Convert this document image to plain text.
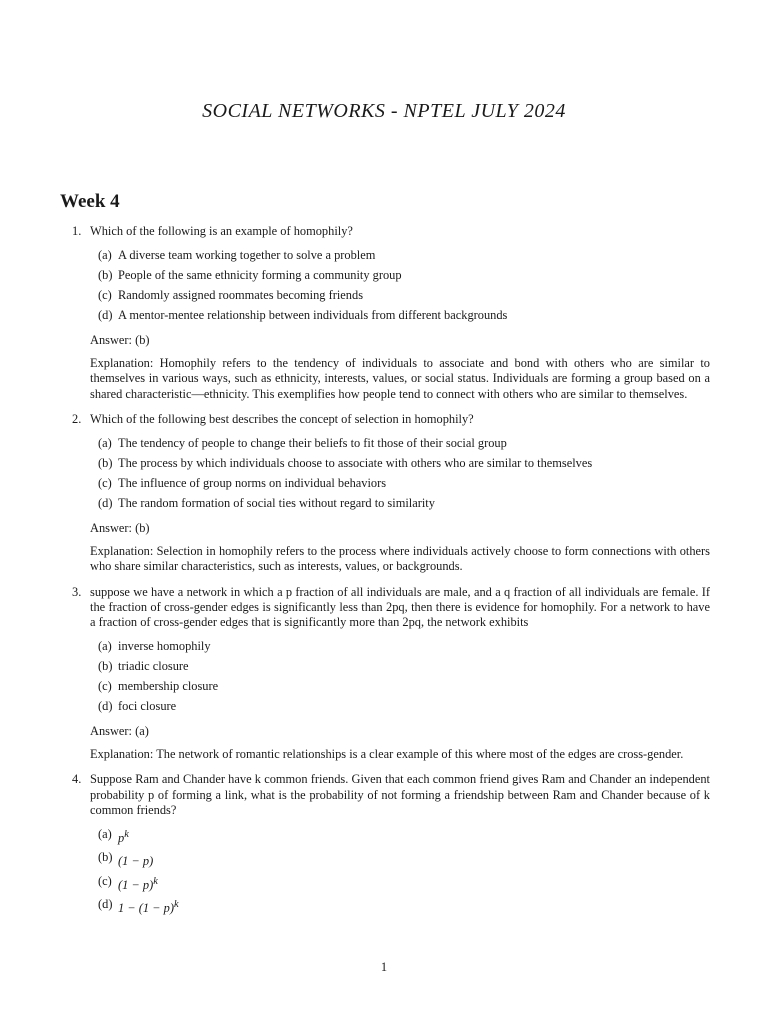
SOCIAL NETWORKS - NPTEL JULY 2024
Week 4
1. Which of the following is an example of homophily?
(a) A diverse team working together to solve a problem
(b) People of the same ethnicity forming a community group
(c) Randomly assigned roommates becoming friends
(d) A mentor-mentee relationship between individuals from different backgrounds
Answer: (b)
Explanation: Homophily refers to the tendency of individuals to associate and bond with others who are similar to themselves in various ways, such as ethnicity, interests, values, or social status. Individuals are forming a group based on a shared characteristic—ethnicity. This exemplifies how people tend to connect with others who are similar to themselves.
2. Which of the following best describes the concept of selection in homophily?
(a) The tendency of people to change their beliefs to fit those of their social group
(b) The process by which individuals choose to associate with others who are similar to themselves
(c) The influence of group norms on individual behaviors
(d) The random formation of social ties without regard to similarity
Answer: (b)
Explanation: Selection in homophily refers to the process where individuals actively choose to form connections with others who share similar characteristics, such as interests, values, or backgrounds.
3. suppose we have a network in which a p fraction of all individuals are male, and a q fraction of all individuals are female. If the fraction of cross-gender edges is significantly less than 2pq, then there is evidence for homophily. For a network to have a fraction of cross-gender edges that is significantly more than 2pq, the network exhibits
(a) inverse homophily
(b) triadic closure
(c) membership closure
(d) foci closure
Answer: (a)
Explanation: The network of romantic relationships is a clear example of this where most of the edges are cross-gender.
4. Suppose Ram and Chander have k common friends. Given that each common friend gives Ram and Chander an independent probability p of forming a link, what is the probability of not forming a friendship between Ram and Chander because of k common friends?
(a) $p^k$
(b) (1 − p)
(c) $(1 - p)^k$
(d) $1 - (1 - p)^k$
1
